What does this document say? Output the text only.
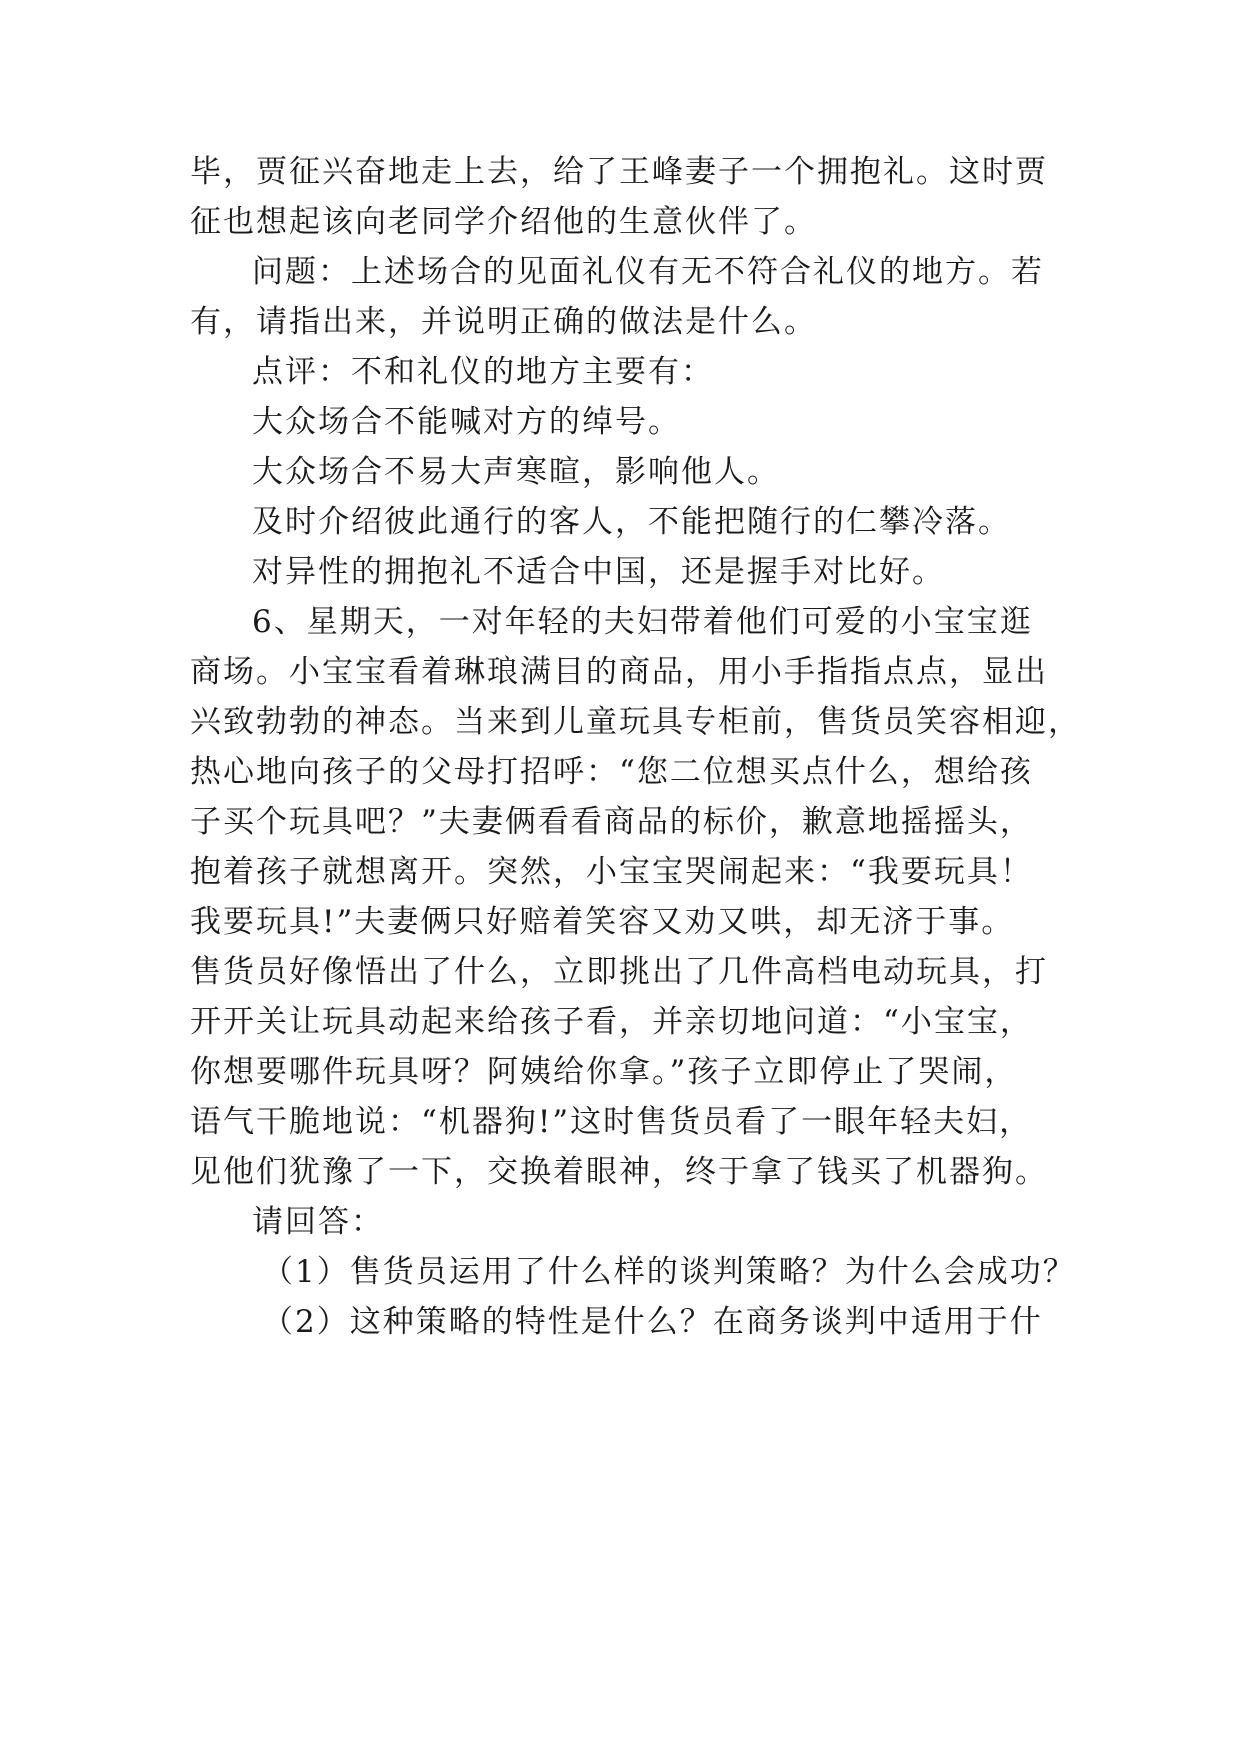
毕，贾征兴奋地走上去，给了王峰妻子一个拥抱礼。这时贾
征也想起该向老同学介绍他的生意伙伴了。
问题：上述场合的见面礼仪有无不符合礼仪的地方。若
有，请指出来，并说明正确的做法是什么。
点评：不和礼仪的地方主要有：
大众场合不能喊对方的绰号。
大众场合不易大声寒暄，影响他人。
及时介绍彼此通行的客人，不能把随行的仁攀冷落。
对异性的拥抱礼不适合中国，还是握手对比好。
6、星期天，一对年轻的夫妇带着他们可爱的小宝宝逛
商场。小宝宝看着琳琅满目的商品，用小手指指点点，显出
兴致勃勃的神态。当来到儿童玩具专柜前，售货员笑容相迎，
热心地向孩子的父母打招呼：“您二位想买点什么，想给孩
子买个玩具吧？”夫妻俩看看商品的标价，歉意地摇摇头，
抱着孩子就想离开。突然，小宝宝哭闹起来：“我要玩具！
我要玩具!”夫妻俩只好赔着笑容又劝又哄，却无济于事。
售货员好像悟出了什么，立即挑出了几件高档电动玩具，打
开开关让玩具动起来给孩子看，并亲切地问道：“小宝宝，
你想要哪件玩具呀？阿姨给你拿。”孩子立即停止了哭闹，
语气干脆地说：“机器狗!”这时售货员看了一眼年轻夫妇，
见他们犹豫了一下，交换着眼神，终于拿了钱买了机器狗。
请回答：
（1）售货员运用了什么样的谈判策略？为什么会成功？
（2）这种策略的特性是什么？在商务谈判中适用于什
